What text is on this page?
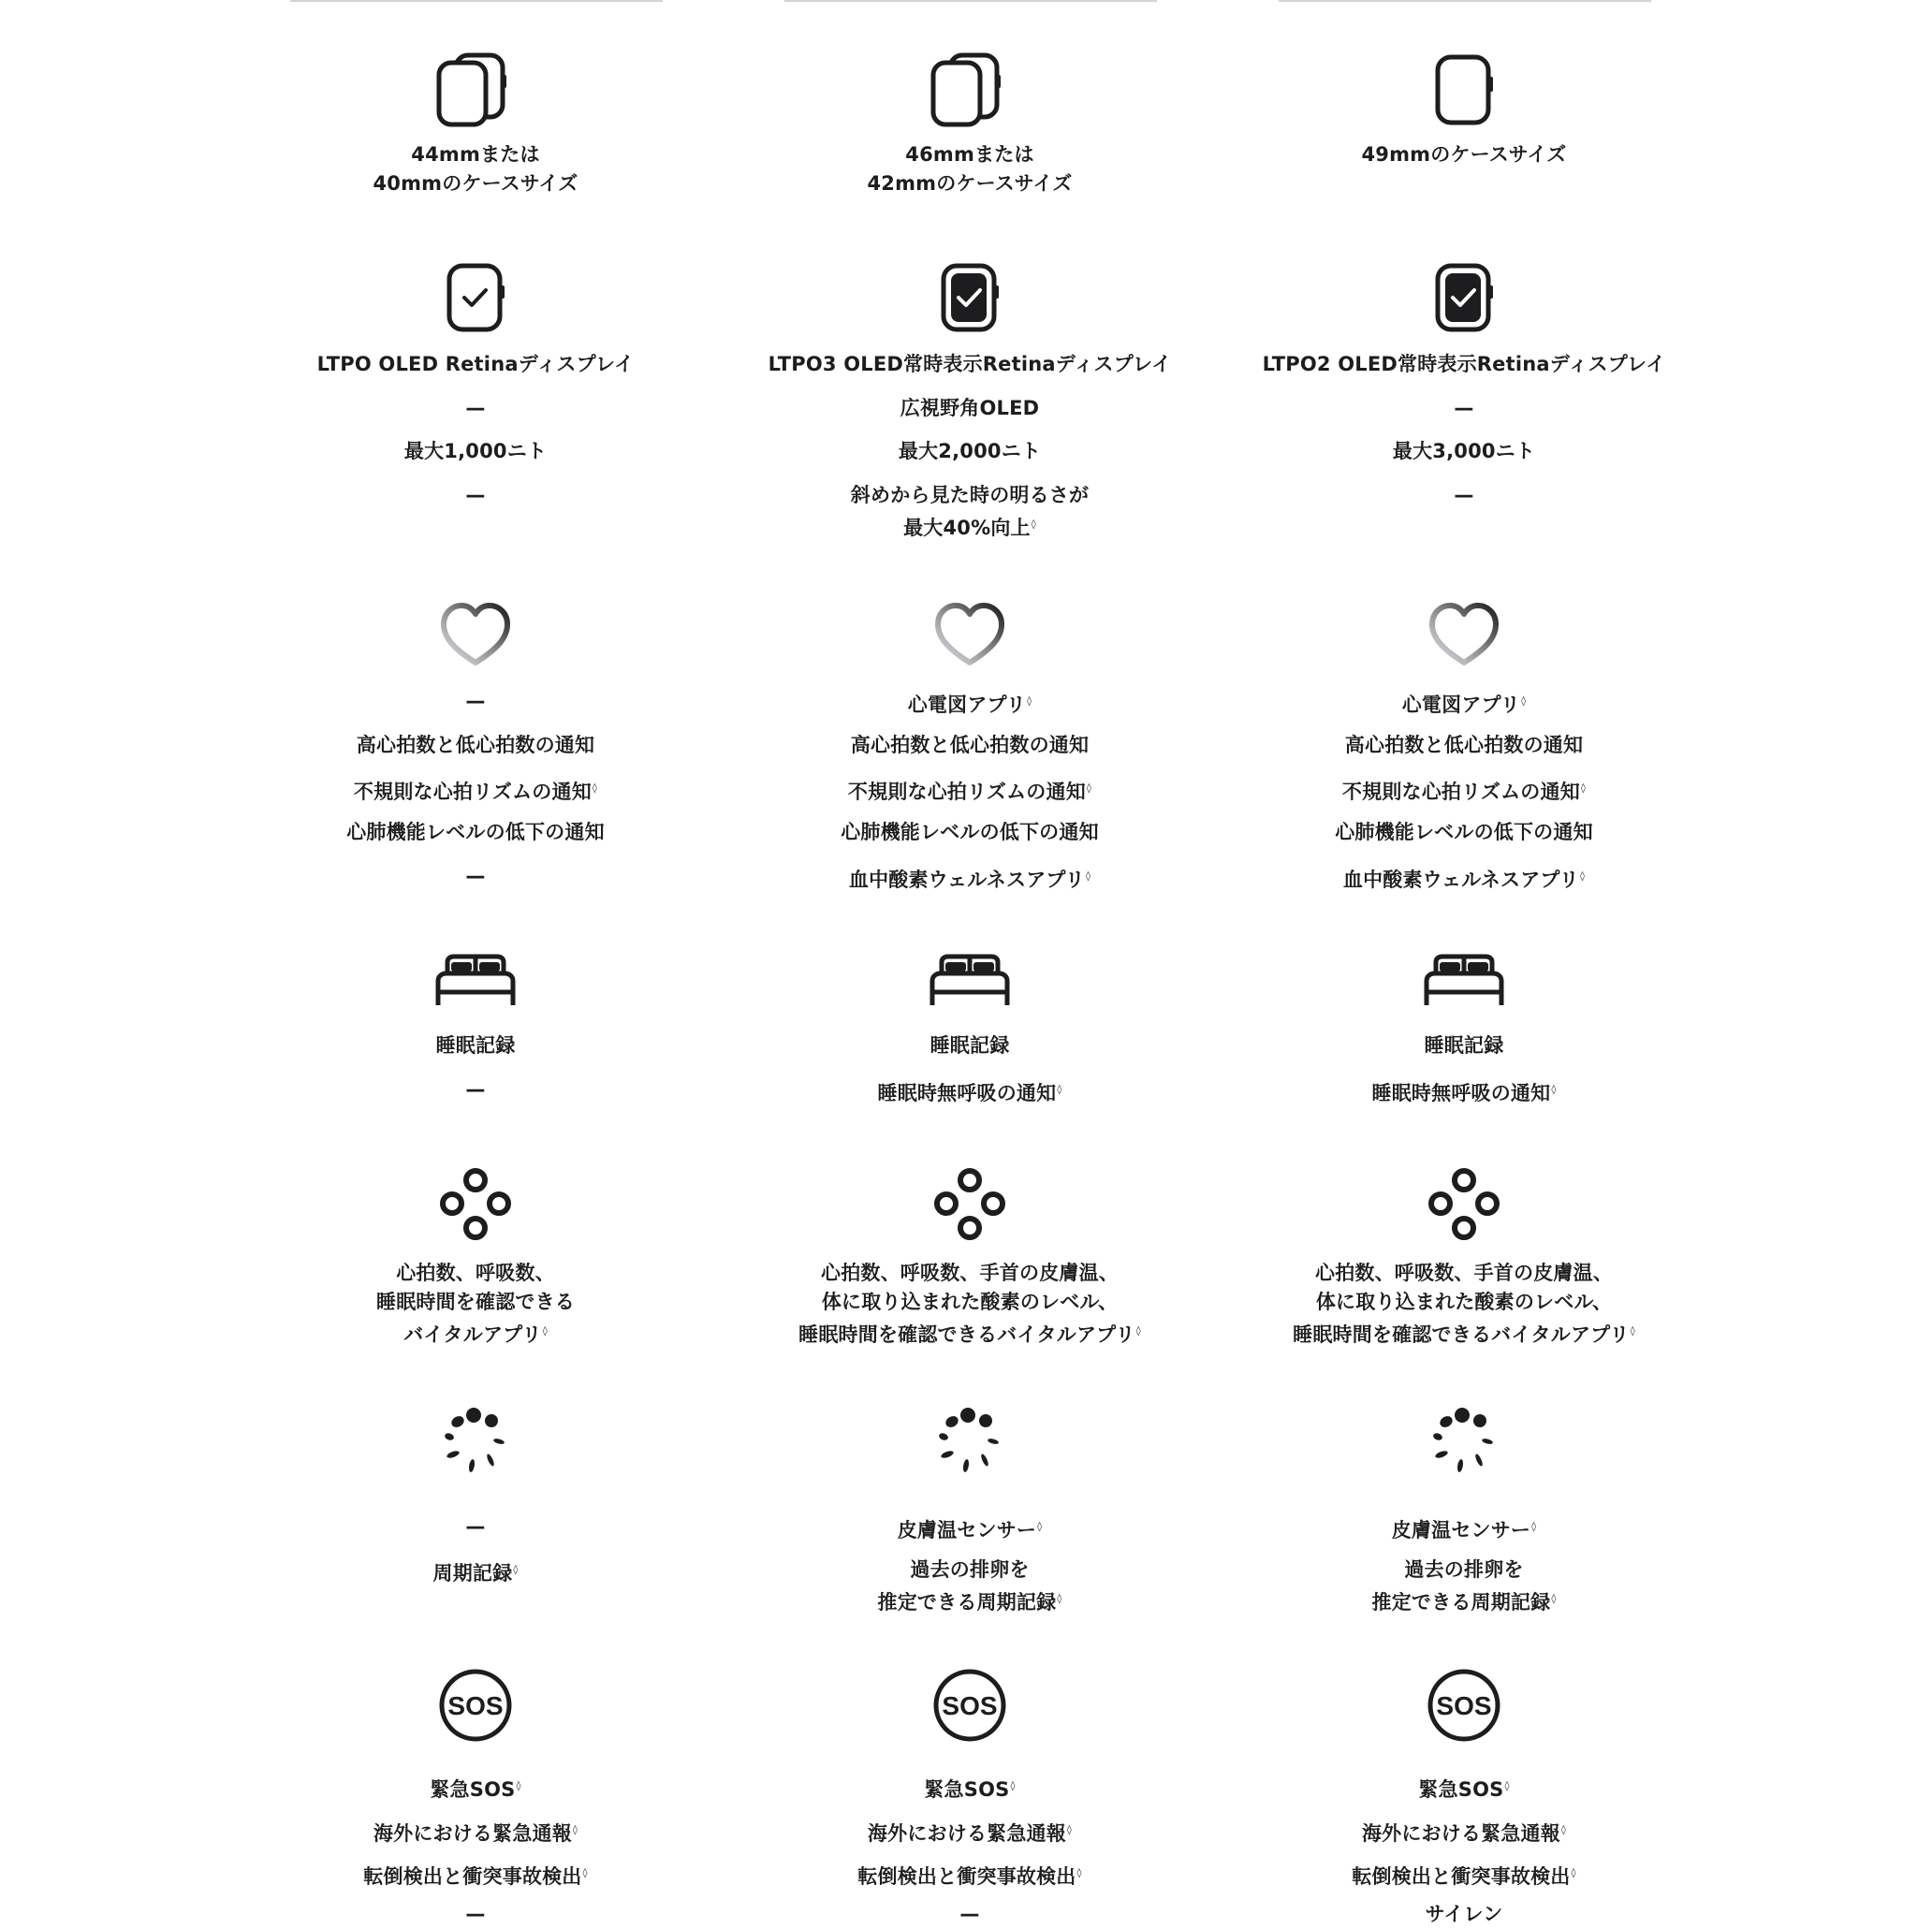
44mmまたは
40mmのケースサイズ
LTPO OLED Retinaディスプレイ
—
最大1,000ニト
—
—
高心拍数と低心拍数の通知
不規則な心拍リズムの通知◊
心肺機能レベルの低下の通知
—
睡眠記録
—
心拍数、呼吸数、
睡眠時間を確認できる
バイタルアプリ◊
—
周期記録◊
SOS
緊急SOS◊
海外における緊急通報◊
転倒検出と衝突事故検出◊
—
46mmまたは
42mmのケースサイズ
LTPO3 OLED常時表示Retinaディスプレイ
広視野角OLED
最大2,000ニト
斜めから見た時の明るさが
最大40%向上◊
心電図アプリ◊
高心拍数と低心拍数の通知
不規則な心拍リズムの通知◊
心肺機能レベルの低下の通知
血中酸素ウェルネスアプリ◊
睡眠記録
睡眠時無呼吸の通知◊
心拍数、呼吸数、手首の皮膚温、
体に取り込まれた酸素のレベル、
睡眠時間を確認できるバイタルアプリ◊
皮膚温センサー◊
過去の排卵を
推定できる周期記録◊
SOS
緊急SOS◊
海外における緊急通報◊
転倒検出と衝突事故検出◊
—
49mmのケースサイズ
LTPO2 OLED常時表示Retinaディスプレイ
—
最大3,000ニト
—
心電図アプリ◊
高心拍数と低心拍数の通知
不規則な心拍リズムの通知◊
心肺機能レベルの低下の通知
血中酸素ウェルネスアプリ◊
睡眠記録
睡眠時無呼吸の通知◊
心拍数、呼吸数、手首の皮膚温、
体に取り込まれた酸素のレベル、
睡眠時間を確認できるバイタルアプリ◊
皮膚温センサー◊
過去の排卵を
推定できる周期記録◊
SOS
緊急SOS◊
海外における緊急通報◊
転倒検出と衝突事故検出◊
サイレン
